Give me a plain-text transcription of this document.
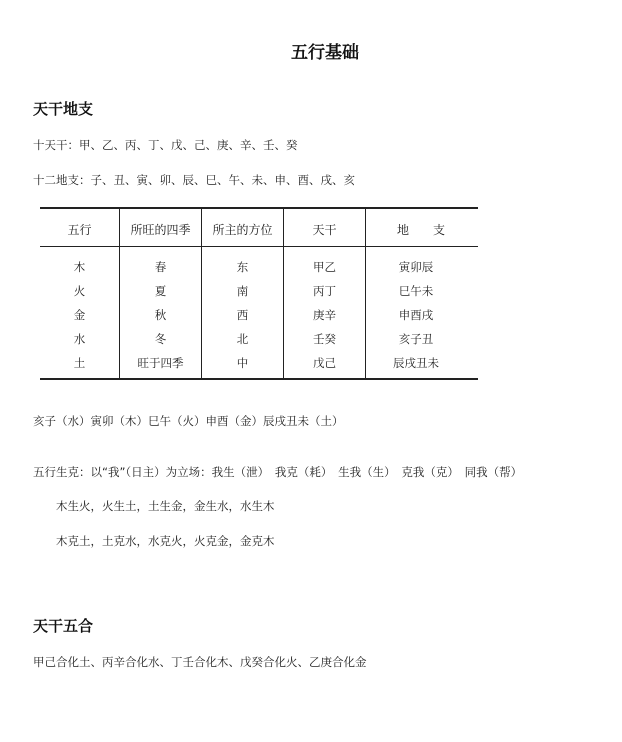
五行基础
天干地支
十天干：甲、乙、丙、丁、戊、己、庚、辛、壬、癸
十二地支：子、丑、寅、卯、辰、巳、午、未、申、酉、戌、亥
五行	所旺的四季	所主的方位	天干	地　　支
木	春	东	甲乙	寅卯辰
火	夏	南	丙丁	巳午未
金	秋	西	庚辛	申酉戌
水	冬	北	壬癸	亥子丑
土	旺于四季	中	戊己	辰戌丑未
亥子（水）寅卯（木）巳午（火）申酉（金）辰戌丑未（土）
五行生克：以“我”（日主）为立场：我生（泄）　我克（耗）　生我（生）　克我（克）　同我（帮）
木生火，火生土，土生金，金生水，水生木
木克土，土克水，水克火，火克金，金克木
天干五合
甲己合化土、丙辛合化水、丁壬合化木、戊癸合化火、乙庚合化金
